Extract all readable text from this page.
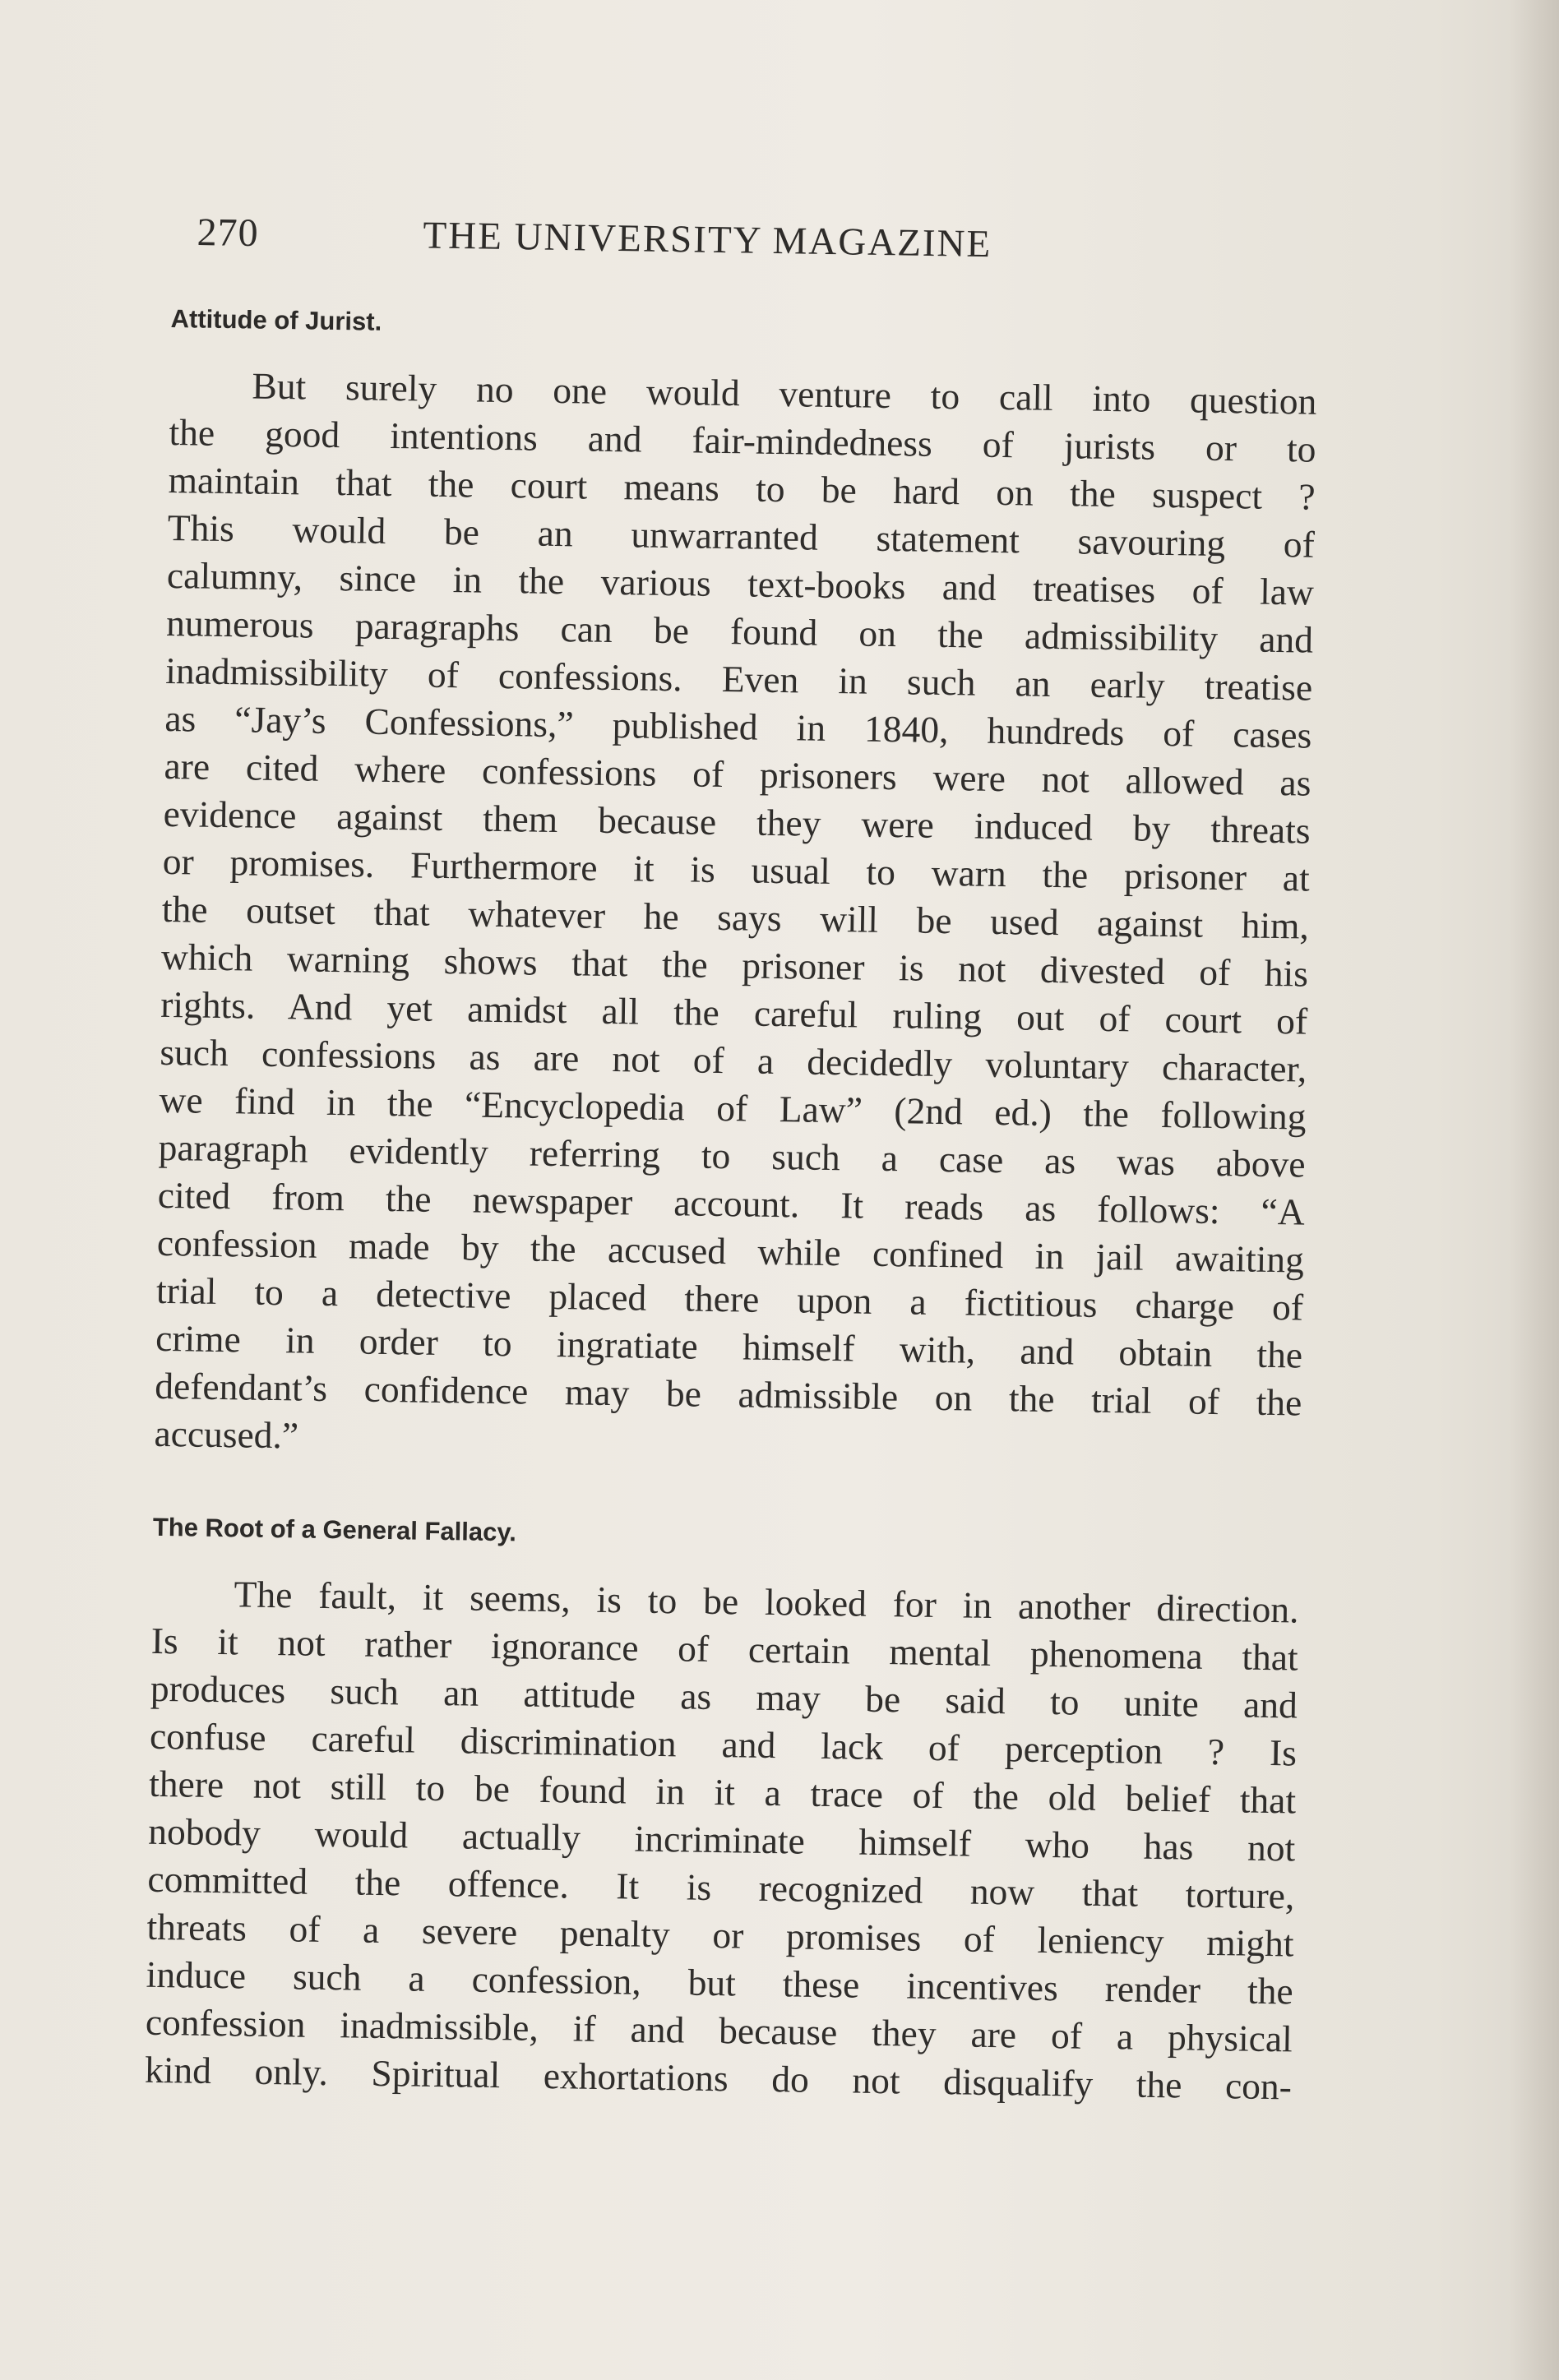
270	THE UNIVERSITY MAGAZINE

Attitude of Jurist.

But surely no one would venture to call into question
the good intentions and fair-mindedness of jurists or to
maintain that the court means to be hard on the suspect ?
This would be an unwarranted statement savouring of
calumny, since in the various text-books and treatises of law
numerous paragraphs can be found on the admissibility and
inadmissibility of confessions. Even in such an early treatise
as “Jay’s Confessions,” published in 1840, hundreds of cases
are cited where confessions of prisoners were not allowed as
evidence against them because they were induced by threats
or promises. Furthermore it is usual to warn the prisoner at
the outset that whatever he says will be used against him,
which warning shows that the prisoner is not divested of his
rights. And yet amidst all the careful ruling out of court of
such confessions as are not of a decidedly voluntary character,
we find in the “Encyclopedia of Law” (2nd ed.) the following
paragraph evidently referring to such a case as was above
cited from the newspaper account. It reads as follows: “A
confession made by the accused while confined in jail awaiting
trial to a detective placed there upon a fictitious charge of
crime in order to ingratiate himself with, and obtain the
defendant’s confidence may be admissible on the trial of the
accused.”

The Root of a General Fallacy.

The fault, it seems, is to be looked for in another direction.
Is it not rather ignorance of certain mental phenomena that
produces such an attitude as may be said to unite and
confuse careful discrimination and lack of perception ? Is
there not still to be found in it a trace of the old belief that
nobody would actually incriminate himself who has not
committed the offence. It is recognized now that torture,
threats of a severe penalty or promises of leniency might
induce such a confession, but these incentives render the
confession inadmissible, if and because they are of a physical
kind only. Spiritual exhortations do not disqualify the con-
